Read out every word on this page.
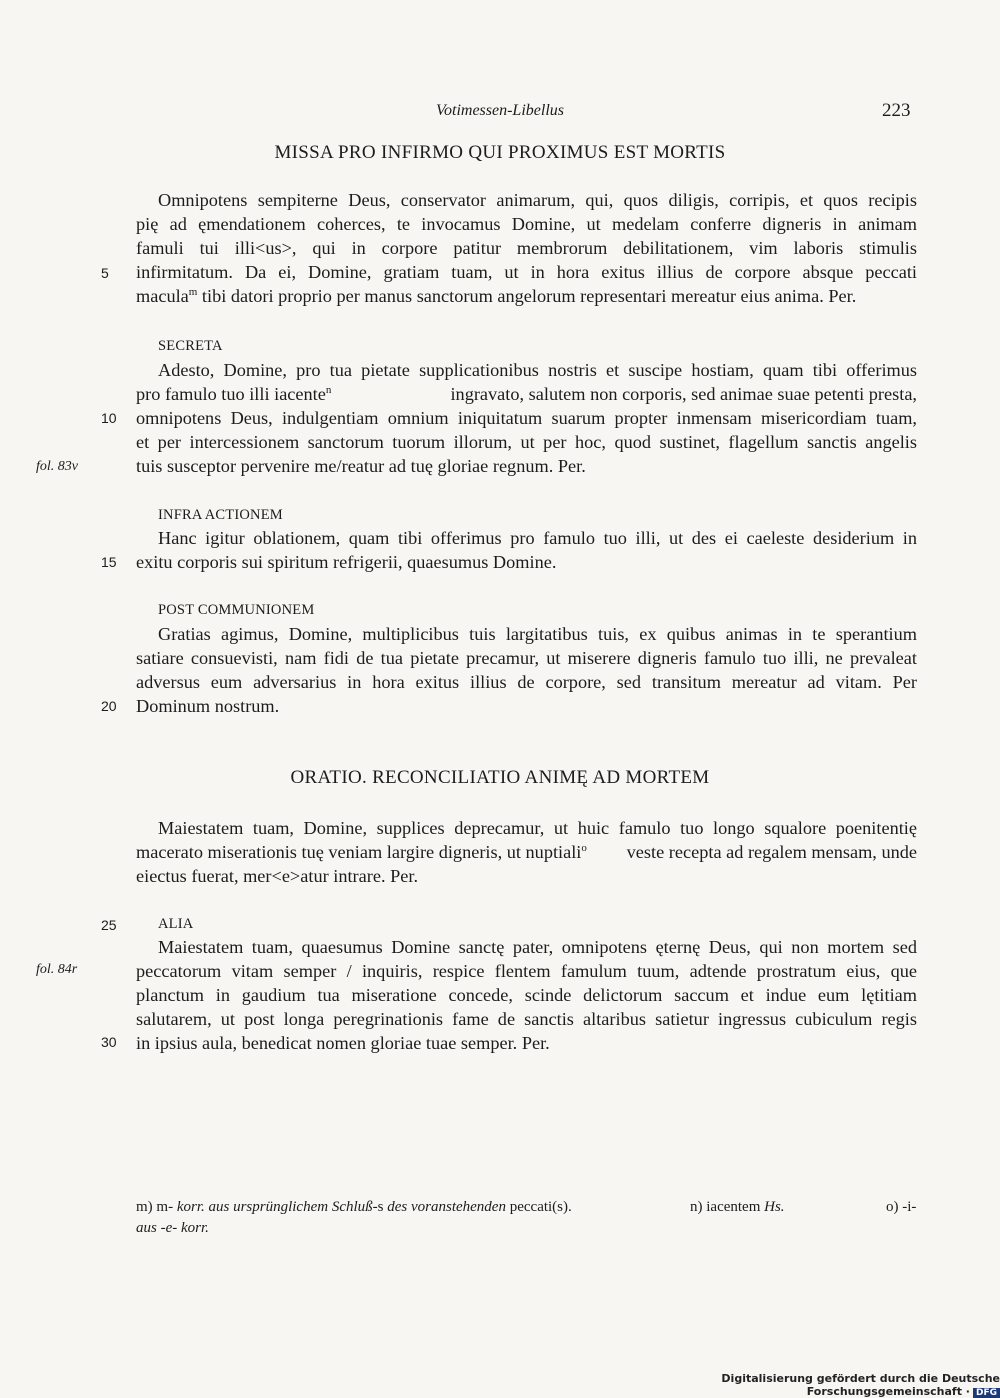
Votimessen-Libellus	223
MISSA PRO INFIRMO QUI PROXIMUS EST MORTIS
Omnipotens sempiterne Deus, conservator animarum, qui, quos diligis, corripis, et quos recipis
pię ad ęmendationem coherces, te invocamus Domine, ut medelam conferre digneris in animam
famuli tui illi<us>, qui in corpore patitur membrorum debilitationem, vim laboris stimulis
infirmitatum. Da ei, Domine, gratiam tuam, ut in hora exitus illius de corpore absque peccati
macula$^m$ tibi datori proprio per manus sanctorum angelorum representari mereatur eius anima. Per.
5
SECRETA
Adesto, Domine, pro tua pietate supplicationibus nostris et suscipe hostiam, quam tibi offerimus
pro famulo tuo illi iacente$^n$	ingravato, salutem non corporis, sed animae suae petenti presta,
omnipotens Deus, indulgentiam omnium iniquitatum suarum propter inmensam misericordiam tuam,
et per intercessionem sanctorum tuorum illorum, ut per hoc, quod sustinet, flagellum sanctis angelis
tuis susceptor pervenire me/reatur ad tuę gloriae regnum. Per.
10
fol. 83v
INFRA ACTIONEM
Hanc igitur oblationem, quam tibi offerimus pro famulo tuo illi, ut des ei caeleste desiderium in
exitu corporis sui spiritum refrigerii, quaesumus Domine.
15
POST COMMUNIONEM
Gratias agimus, Domine, multiplicibus tuis largitatibus tuis, ex quibus animas in te sperantium
satiare consuevisti, nam fidi de tua pietate precamur, ut miserere digneris famulo tuo illi, ne prevaleat
adversus eum adversarius in hora exitus illius de corpore, sed transitum mereatur ad vitam. Per
Dominum nostrum.
20
ORATIO. RECONCILIATIO ANIMĘ AD MORTEM
Maiestatem tuam, Domine, supplices deprecamur, ut huic famulo tuo longo squalore poenitentię
macerato miserationis tuę veniam largire digneris, ut nuptiali$^o$ veste recepta ad regalem mensam, unde
eiectus fuerat, mer<e>atur intrare. Per.
25	ALIA
Maiestatem tuam, quaesumus Domine sanctę pater, omnipotens ęternę Deus, qui non mortem sed
peccatorum vitam semper / inquiris, respice flentem famulum tuum, adtende prostratum eius, que
planctum in gaudium tua miseratione concede, scinde delictorum saccum et indue eum lętitiam
salutarem, ut post longa peregrinationis fame de sanctis altaribus satietur ingressus cubiculum regis
in ipsius aula, benedicat nomen gloriae tuae semper. Per.
fol. 84r
30
m) m- korr. aus ursprünglichem Schluß-s des voranstehenden peccati(s).	n) iacentem Hs.	o) -i-
aus -e- korr.
Digitalisierung gefördert durch die Deutsche Forschungsgemeinschaft · DFG
